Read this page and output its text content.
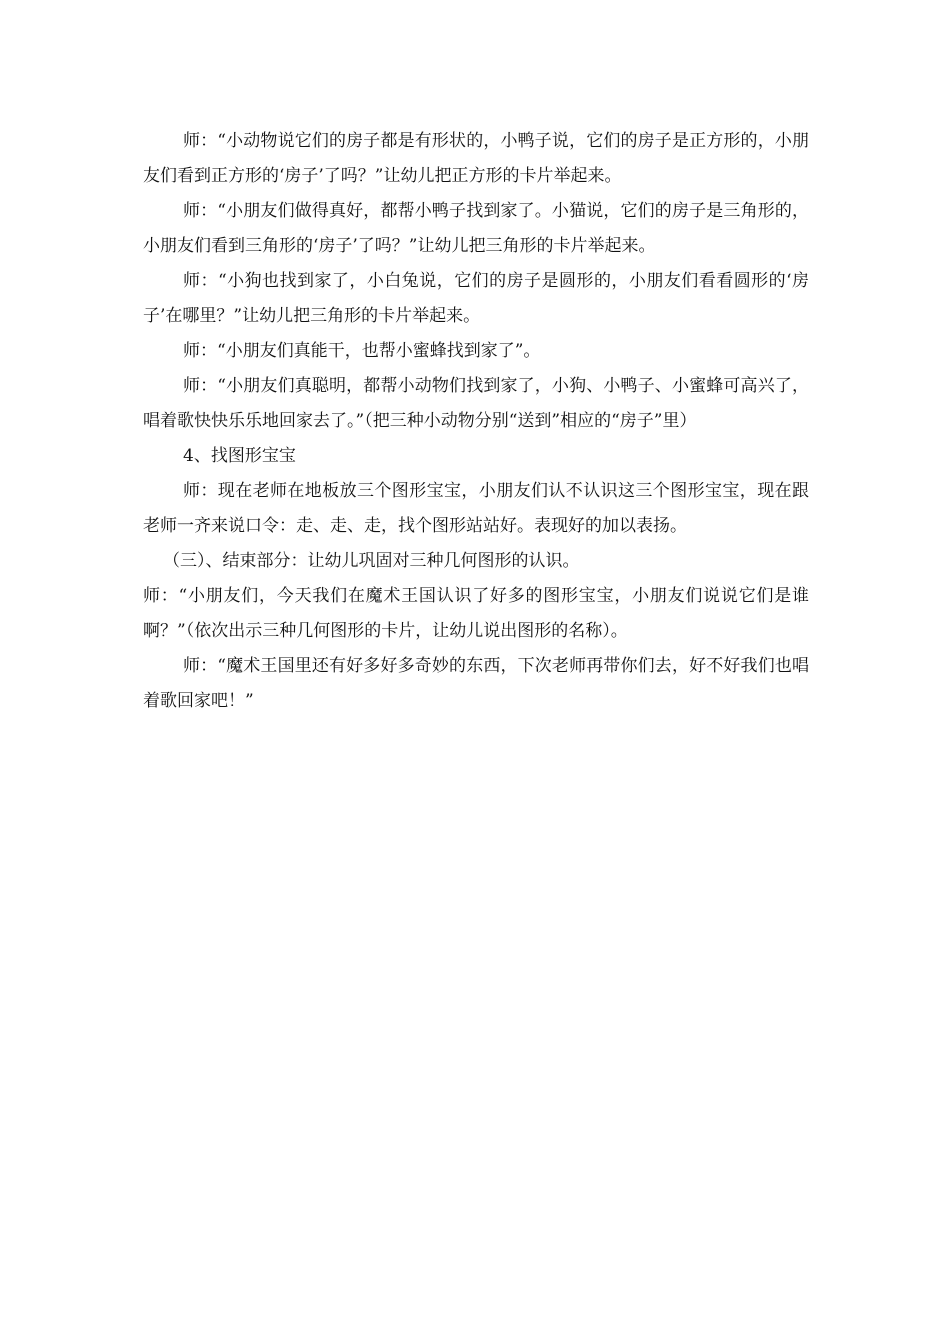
师：“小动物说它们的房子都是有形状的，小鸭子说，它们的房子是正方形的，小朋友们看到正方形的‘房子’了吗？”让幼儿把正方形的卡片举起来。

师：“小朋友们做得真好，都帮小鸭子找到家了。小猫说，它们的房子是三角形的，小朋友们看到三角形的‘房子’了吗？”让幼儿把三角形的卡片举起来。

师：“小狗也找到家了，小白兔说，它们的房子是圆形的，小朋友们看看圆形的‘房子’在哪里？”让幼儿把三角形的卡片举起来。

师：“小朋友们真能干，也帮小蜜蜂找到家了”。

师：“小朋友们真聪明，都帮小动物们找到家了，小狗、小鸭子、小蜜蜂可高兴了，唱着歌快快乐乐地回家去了。”（把三种小动物分别“送到”相应的“房子”里）

4、找图形宝宝

师：现在老师在地板放三个图形宝宝，小朋友们认不认识这三个图形宝宝，现在跟老师一齐来说口令：走、走、走，找个图形站站好。表现好的加以表扬。

（三）、结束部分：让幼儿巩固对三种几何图形的认识。

师：“小朋友们，今天我们在魔术王国认识了好多的图形宝宝，小朋友们说说它们是谁啊？”（依次出示三种几何图形的卡片，让幼儿说出图形的名称）。

师：“魔术王国里还有好多好多奇妙的东西，下次老师再带你们去，好不好我们也唱着歌回家吧！”
